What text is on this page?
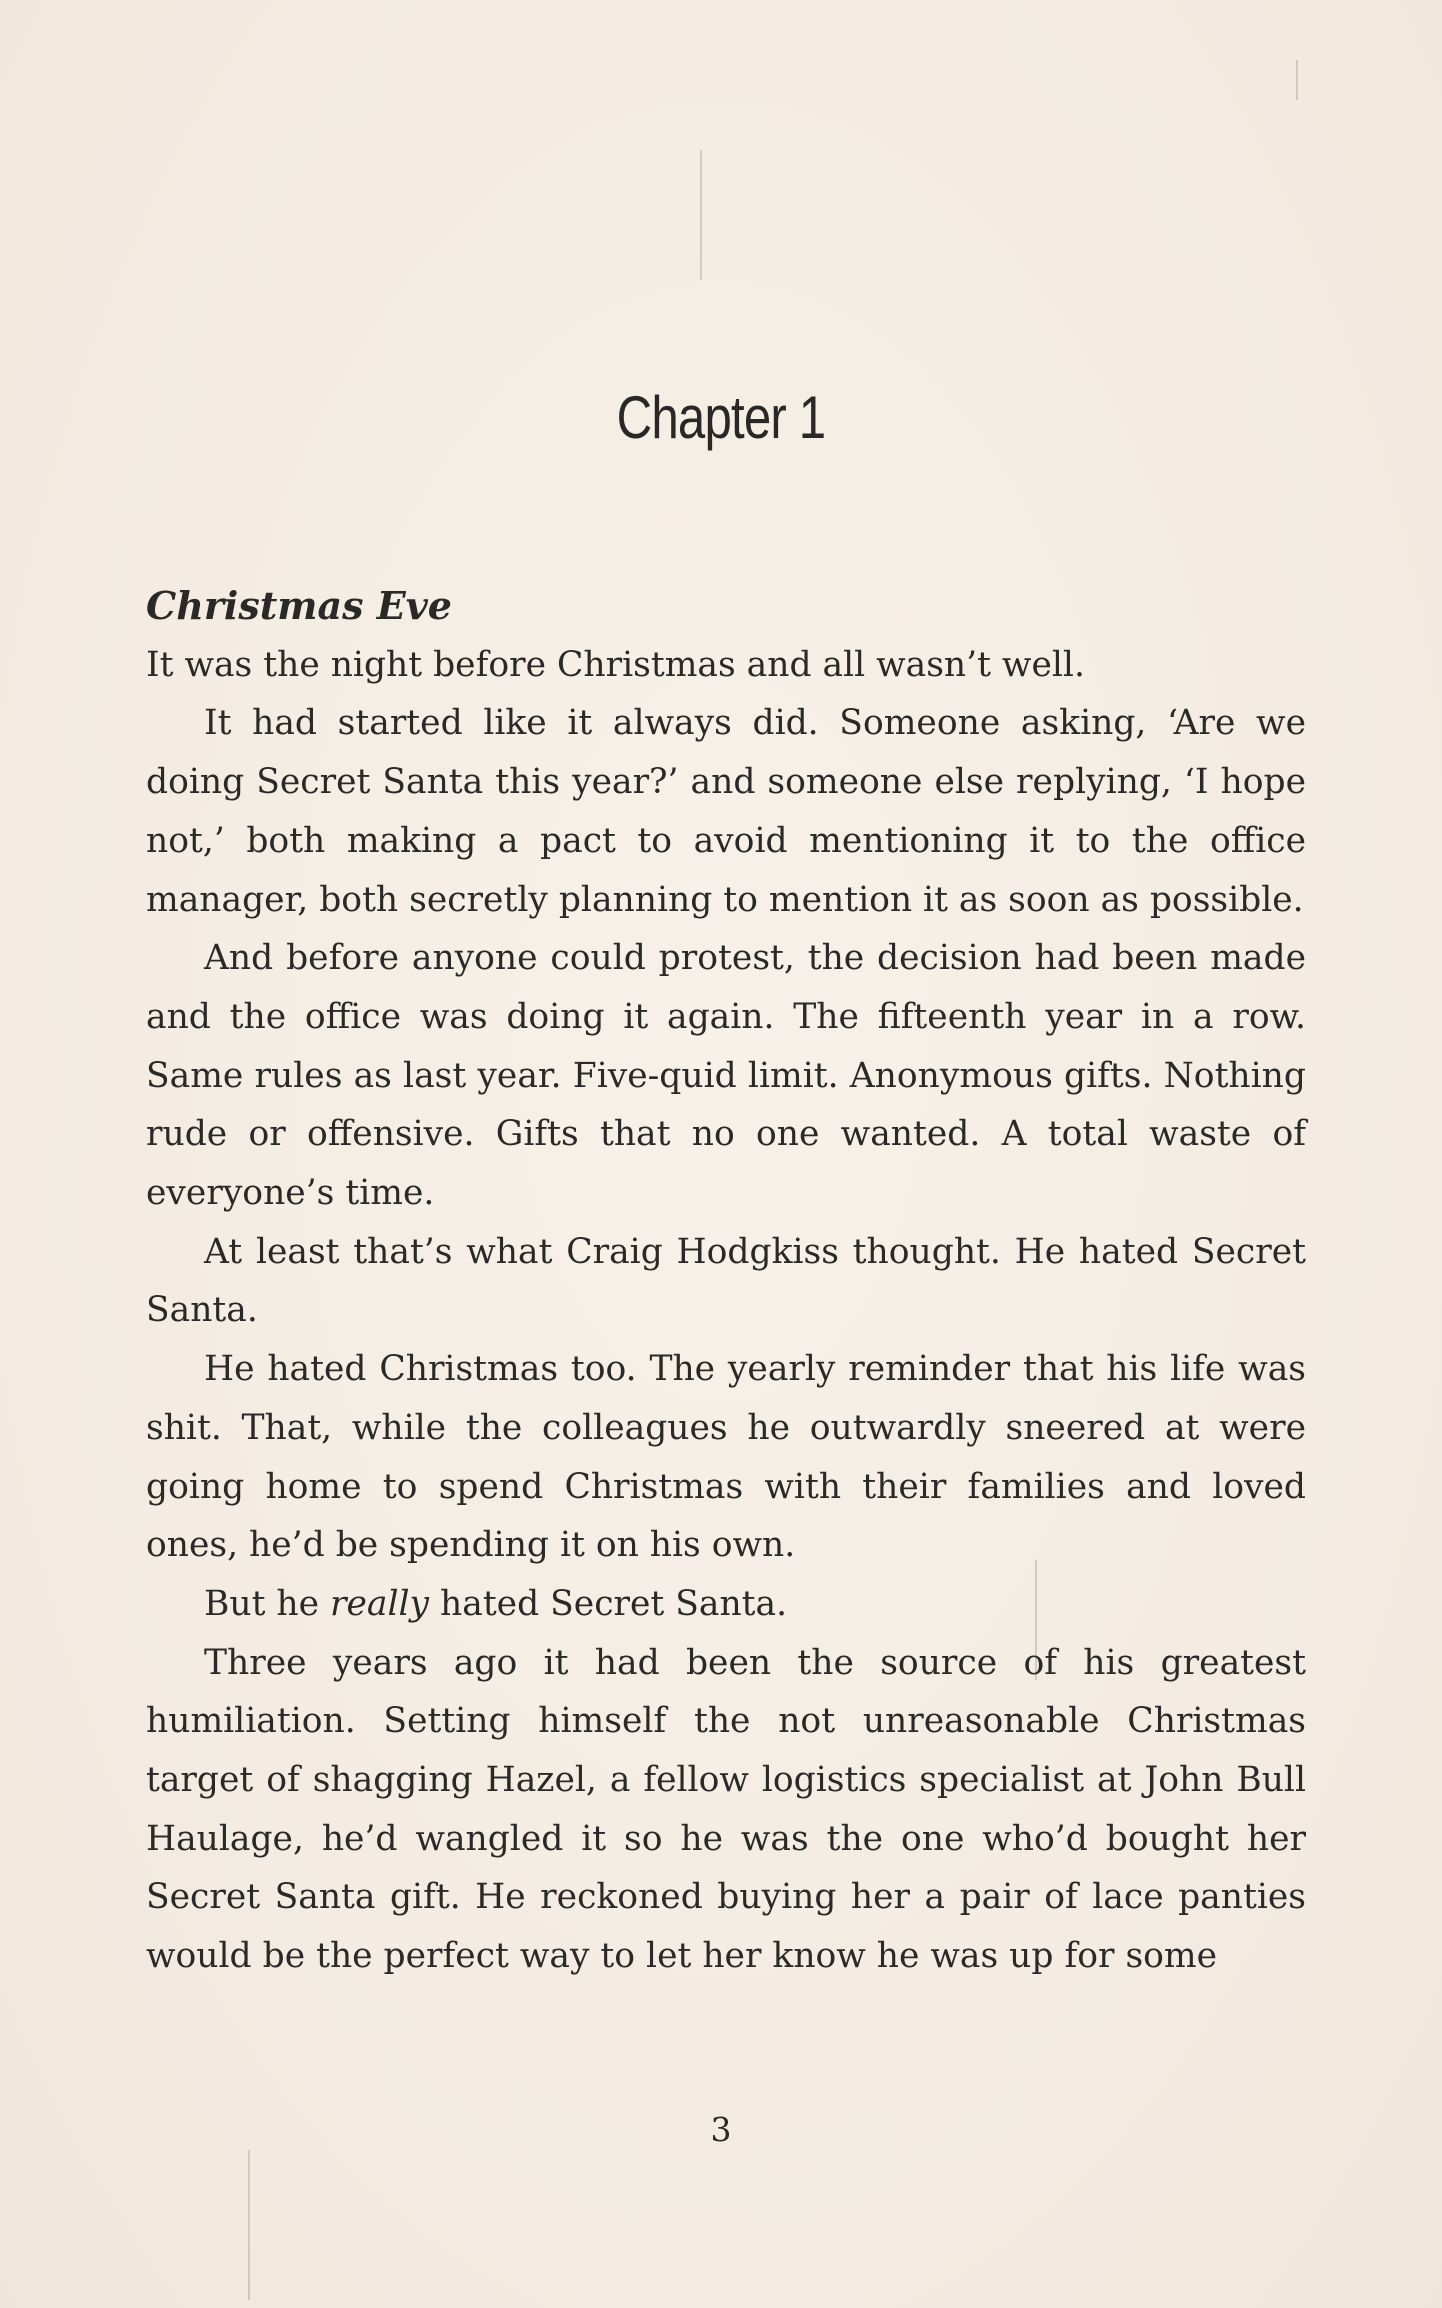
Chapter 1

Christmas Eve

It was the night before Christmas and all wasn’t well.

It had started like it always did. Someone asking, ‘Are we doing Secret Santa this year?’ and someone else replying, ‘I hope not,’ both making a pact to avoid mentioning it to the office manager, both secretly planning to mention it as soon as possible.

And before anyone could protest, the decision had been made and the office was doing it again. The fifteenth year in a row. Same rules as last year. Five-quid limit. Anonymous gifts. Nothing rude or offensive. Gifts that no one wanted. A total waste of everyone’s time.

At least that’s what Craig Hodgkiss thought. He hated Secret Santa.

He hated Christmas too. The yearly reminder that his life was shit. That, while the colleagues he outwardly sneered at were going home to spend Christmas with their families and loved ones, he’d be spending it on his own.

But he really hated Secret Santa.

Three years ago it had been the source of his greatest humiliation. Setting himself the not unreasonable Christmas target of shagging Hazel, a fellow logistics specialist at John Bull Haulage, he’d wangled it so he was the one who’d bought her Secret Santa gift. He reckoned buying her a pair of lace panties would be the perfect way to let her know he was up for some

3
